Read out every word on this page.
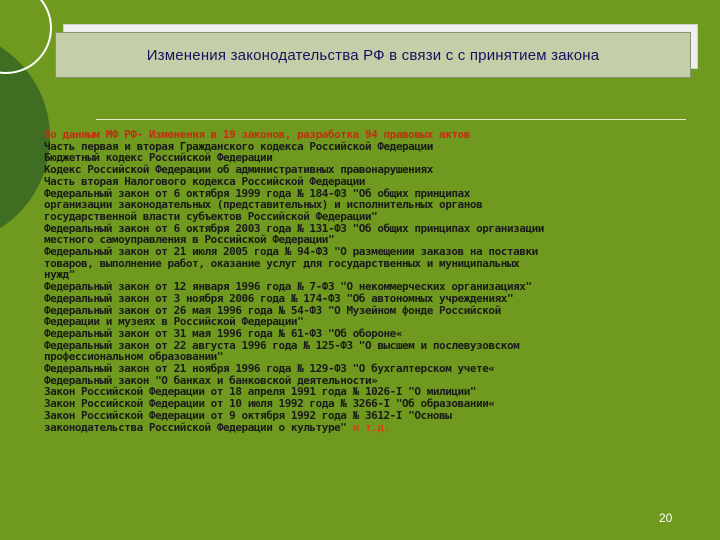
Изменения законодательства РФ в связи с с принятием закона
По данным МФ РФ- Изменения в 19 законов, разработка 94 правовых актов
Часть первая и вторая Гражданского кодекса Российской Федерации
Бюджетный кодекс Российской Федерации
Кодекс Российской Федерации об административных правонарушениях
Часть вторая Налогового кодекса Российской Федерации
Федеральный закон от 6 октября 1999 года № 184-ФЗ "Об общих принципах
организации законодательных (представительных) и исполнительных органов
государственной власти субъектов Российской Федерации"
Федеральный закон от 6 октября 2003 года № 131-ФЗ "Об общих принципах организации
местного самоуправления в Российской Федерации"
Федеральный закон от 21 июля 2005 года № 94-ФЗ "О размещении заказов на поставки
товаров, выполнение работ, оказание услуг для государственных и муниципальных
нужд"
Федеральный закон от 12 января 1996 года № 7-ФЗ "О некоммерческих организациях"
Федеральный закон от 3 ноября 2006 года № 174-ФЗ "Об автономных учреждениях"
Федеральный закон от 26 мая 1996 года № 54-ФЗ "О Музейном фонде Российской
Федерации и музеях в Российской Федерации"
Федеральный закон от 31 мая 1996 года № 61-ФЗ "Об обороне«
Федеральный закон от 22 августа 1996 года № 125-ФЗ "О высшем и послевузовском
профессиональном образовании"
Федеральный закон от 21 ноября 1996 года № 129-ФЗ "О бухгалтерском учете«
Федеральный закон "О банках и банковской деятельности»
Закон Российской Федерации от 18 апреля 1991 года № 1026-I "О милиции"
Закон Российской Федерации от 10 июля 1992 года № 3266-I "Об образовании«
Закон Российской Федерации от 9 октября 1992 года № 3612-I "Основы
законодательства Российской Федерации о культуре" и т.д.
20
